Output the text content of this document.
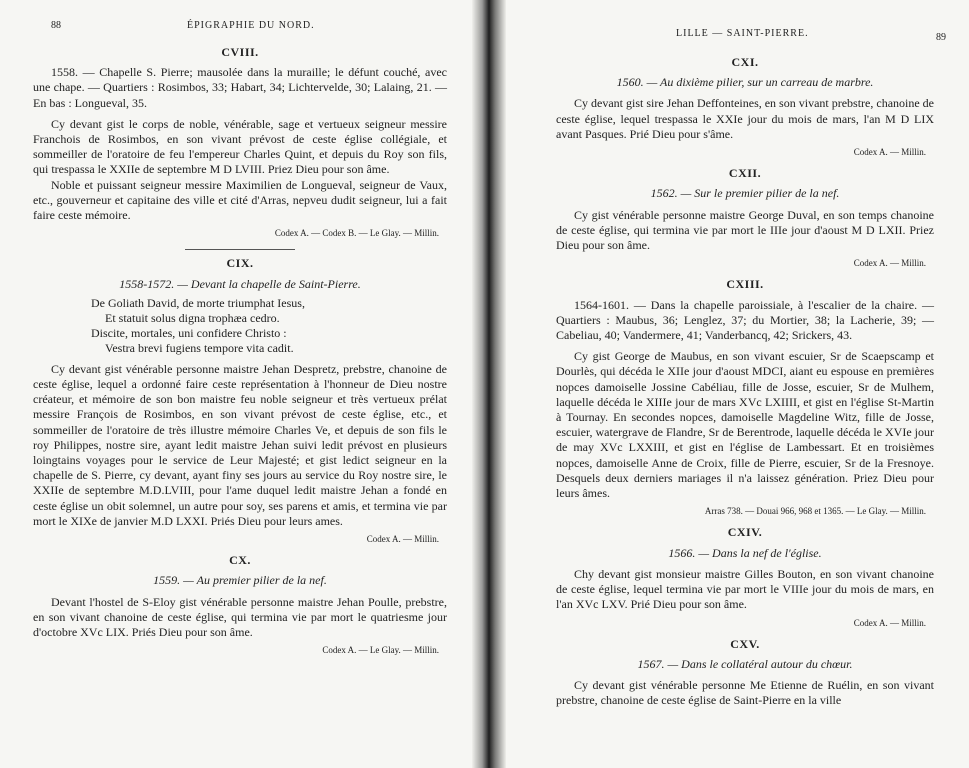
88	ÉPIGRAPHIE DU NORD.
CVIII.

1558. — Chapelle S. Pierre; mausolée dans la muraille; le défunt couché, avec une chape. — Quartiers : Rosimbos, 33; Habart, 34; Lichtervelde, 30; Lalaing, 21. — En bas : Longueval, 35.

Cy devant gist le corps de noble, vénérable, sage et vertueux seigneur messire Franchois de Rosimbos, en son vivant prévost de ceste église collégiale, et sommeiller de l'oratoire de feu l'empereur Charles Quint, et depuis du Roy son fils, qui trespassa le XXIIe de septembre M D LVIII. Priez Dieu pour son âme.

Noble et puissant seigneur messire Maximilien de Longueval, seigneur de Vaux, etc., gouverneur et capitaine des ville et cité d'Arras, nepveu dudit seigneur, lui a fait faire ceste mémoire.

Codex A. — Codex B. — Le Glay. — Millin.
CIX.

1558-1572. — Devant la chapelle de Saint-Pierre.

De Goliath David, de morte triumphat Iesus,
Et statuit solus digna trophæa cedro.
Discite, mortales, uni confidere Christo :
Vestra brevi fugiens tempore vita cadit.

Cy devant gist vénérable personne maistre Jehan Despretz, prebstre, chanoine de ceste église, lequel a ordonné faire ceste représentation à l'honneur de Dieu nostre créateur, et mémoire de son bon maistre feu noble seigneur et très vertueux prélat messire François de Rosimbos, en son vivant prévost de ceste église, etc., et sommeiller de l'oratoire de très illustre mémoire Charles Ve, et depuis de son fils le roy Philippes, nostre sire, ayant ledit maistre Jehan suivi ledit prévost en plusieurs loingtains voyages pour le service de Leur Majesté; et gist ledict seigneur en la chapelle de S. Pierre, cy devant, ayant finy ses jours au service du Roy nostre sire, le XXIIe de septembre M.D.LVIII, pour l'ame duquel ledit maistre Jehan a fondé en ceste église un obit solemnel, un autre pour soy, ses parens et amis, et termina vie par mort le XIXe de janvier M.D LXXI. Priés Dieu pour leurs ames.

Codex A. — Millin.
CX.

1559. — Au premier pilier de la nef.

Devant l'hostel de S-Eloy gist vénérable personne maistre Jehan Poulle, prebstre, en son vivant chanoine de ceste église, qui termina vie par mort le quatriesme jour d'octobre XVc LIX. Priés Dieu pour son âme.

Codex A. — Le Glay. — Millin.
LILLE — SAINT-PIERRE.	89
CXI.

1560. — Au dixième pilier, sur un carreau de marbre.

Cy devant gist sire Jehan Deffonteines, en son vivant prebstre, chanoine de ceste église, lequel trespassa le XXIe jour du mois de mars, l'an M D LIX avant Pasques. Prié Dieu pour s'âme.

Codex A. — Millin.
CXII.

1562. — Sur le premier pilier de la nef.

Cy gist vénérable personne maistre George Duval, en son temps chanoine de ceste église, qui termina vie par mort le IIIe jour d'aoust M D LXII. Priez Dieu pour son âme.

Codex A. — Millin.
CXIII.

1564-1601. — Dans la chapelle paroissiale, à l'escalier de la chaire. — Quartiers : Maubus, 36; Lenglez, 37; du Mortier, 38; la Lacherie, 39; — Cabeliau, 40; Vandermere, 41; Vanderbancq, 42; Srickers, 43.

Cy gist George de Maubus, en son vivant escuier, Sr de Scaepscamp et Dourlès, qui décéda le XIIe jour d'aoust MDCI, aiant eu espouse en premières nopces damoiselle Jossine Cabéliau, fille de Josse, escuier, Sr de Mulhem, laquelle décéda le XIIIe jour de mars XVc LXIIII, et gist en l'église St-Martin à Tournay. En secondes nopces, damoiselle Magdeline Witz, fille de Josse, escuier, watergrave de Flandre, Sr de Berentrode, laquelle décéda le XVIe jour de may XVc LXXIII, et gist en l'église de Lambessart. Et en troisièmes nopces, damoiselle Anne de Croix, fille de Pierre, escuier, Sr de la Fresnoye. Desquels deux derniers mariages il n'a laissez génération. Priez Dieu pour leurs âmes.

Arras 738. — Douai 966, 968 et 1365. — Le Glay. — Millin.
CXIV.

1566. — Dans la nef de l'église.

Chy devant gist monsieur maistre Gilles Bouton, en son vivant chanoine de ceste église, lequel termina vie par mort le VIIIe jour du mois de mars, en l'an XVc LXV. Prié Dieu pour son âme.

Codex A. — Millin.
CXV.

1567. — Dans le collatéral autour du chœur.

Cy devant gist vénérable personne Me Etienne de Ruélin, en son vivant prebstre, chanoine de ceste église de Saint-Pierre en la ville
